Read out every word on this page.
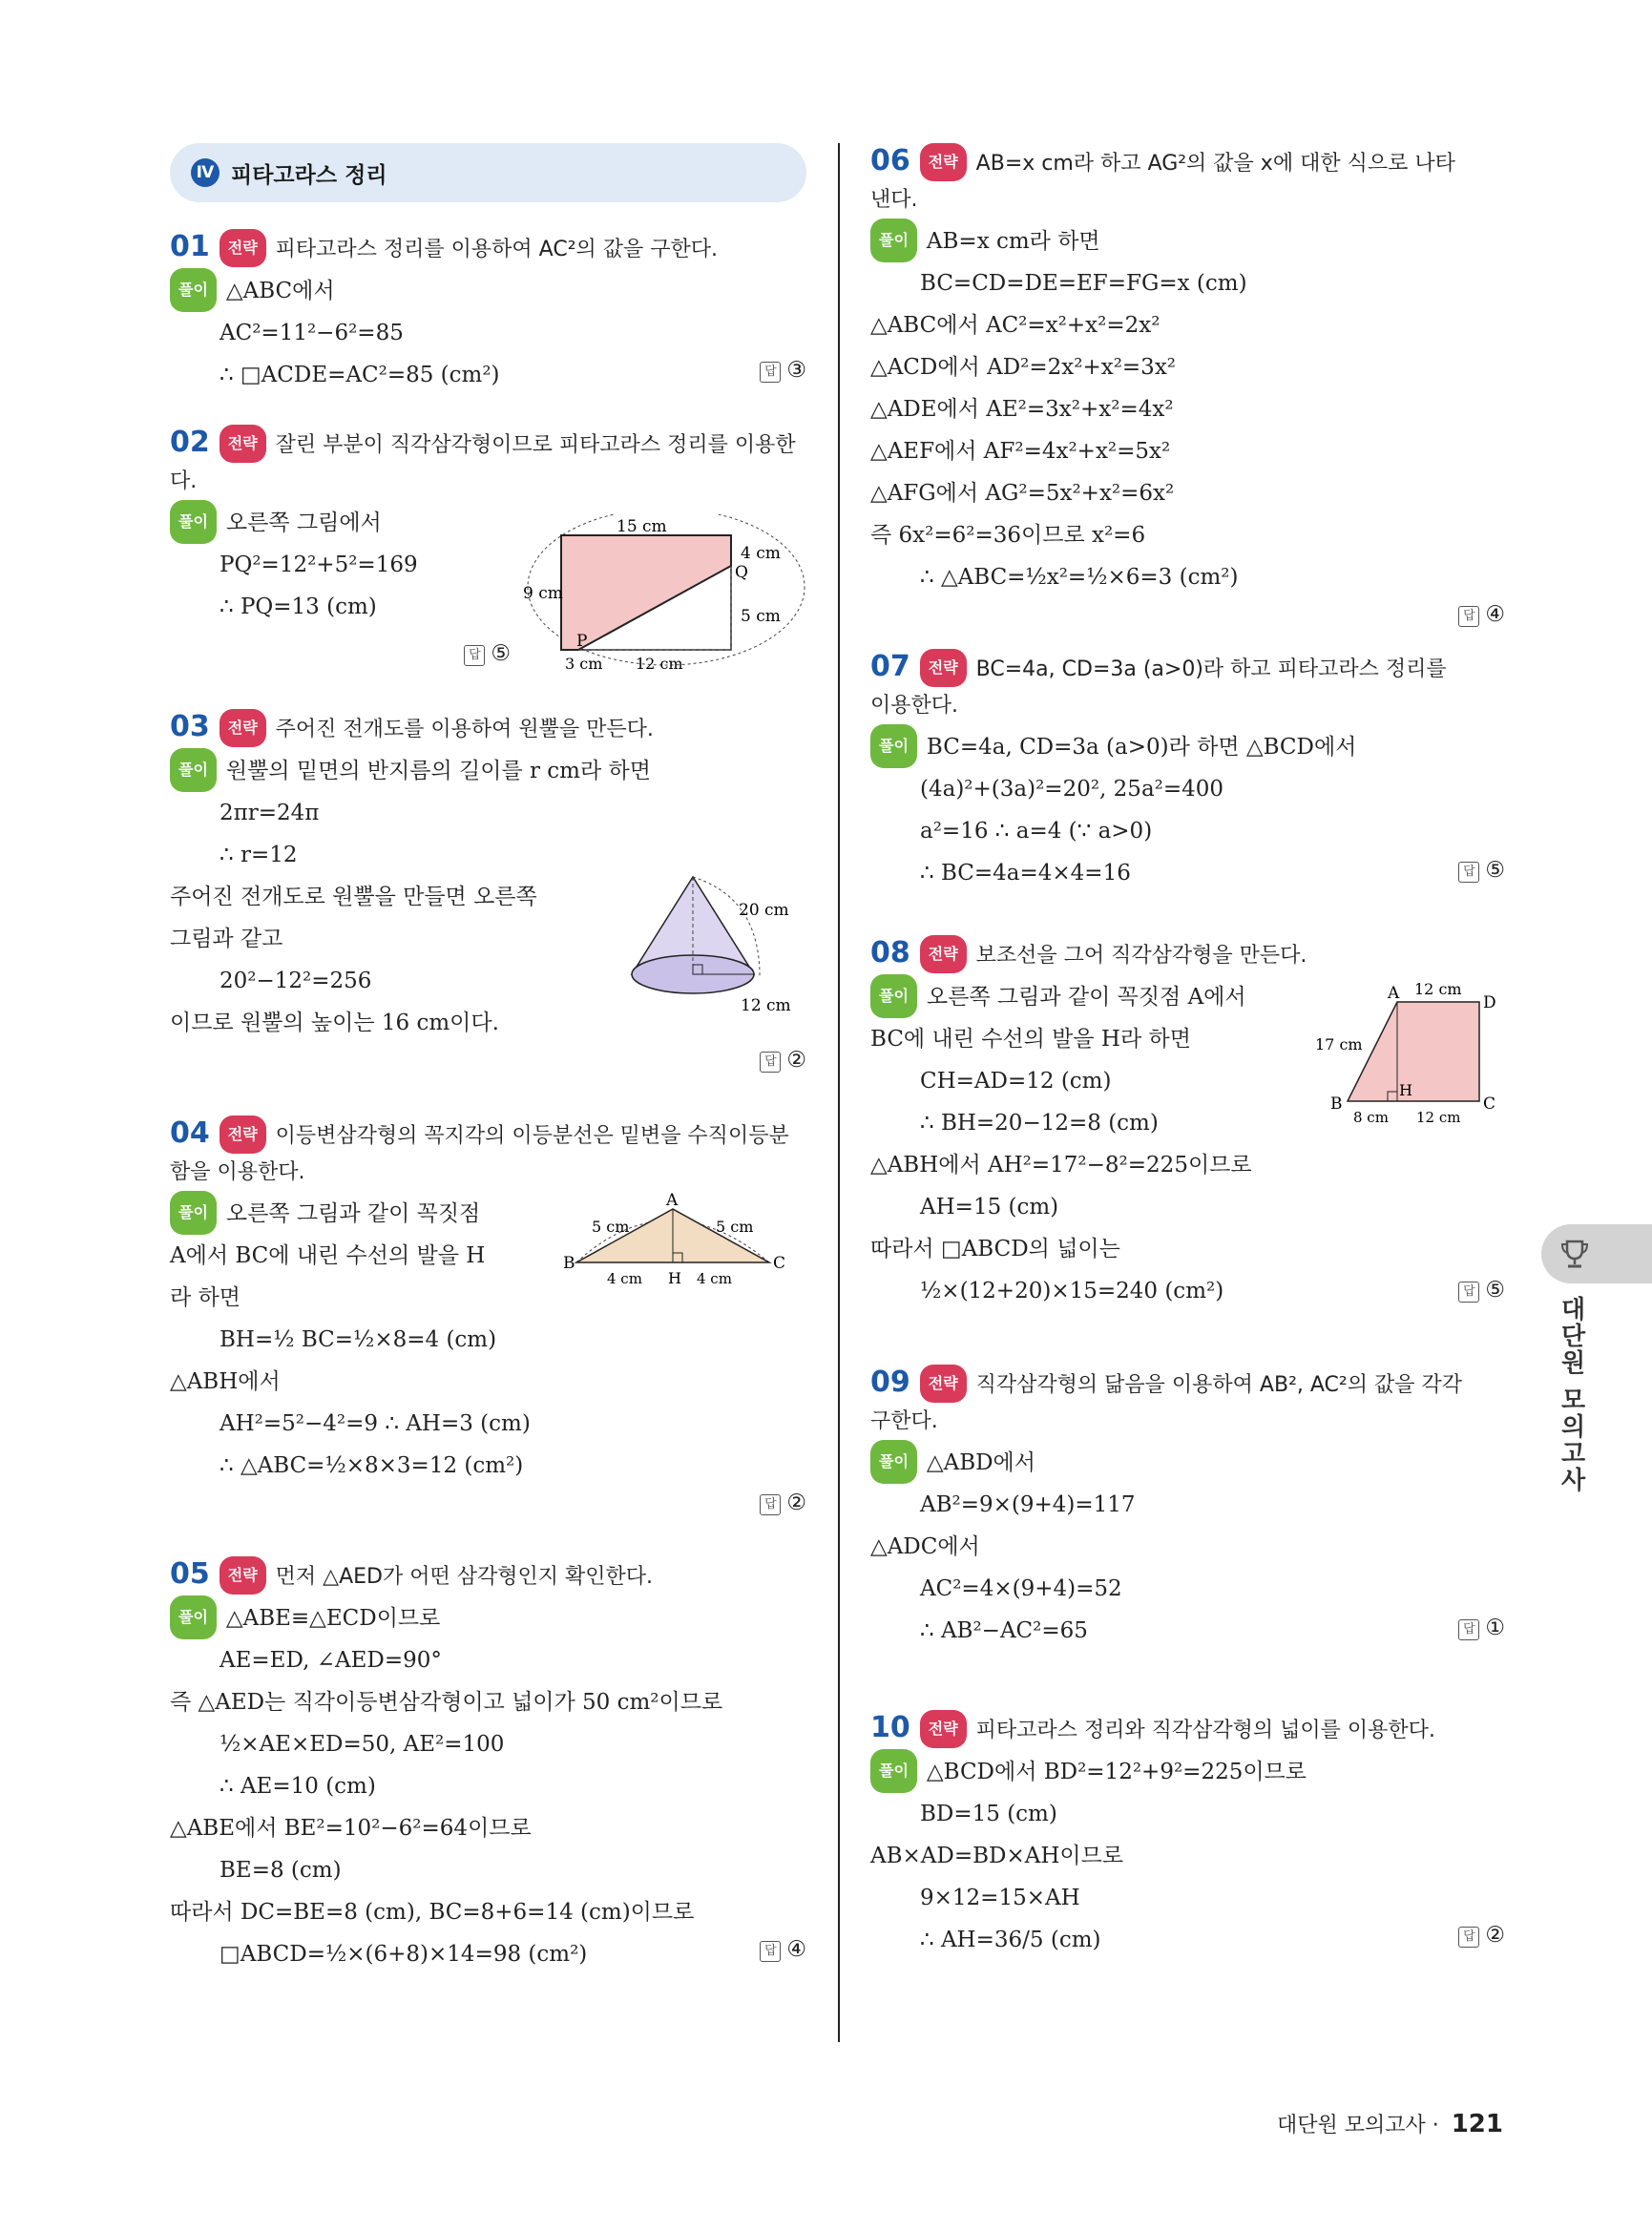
Ⅳ 피타고라스 정리
01 전략 피타고라스 정리를 이용하여 AC²의 값을 구한다.
풀이 △ABC에서
AC²=11²−6²=85
∴ □ACDE=AC²=85 (cm²)	답 ③
02 전략 잘린 부분이 직각삼각형이므로 피타고라스 정리를 이용한
다.
풀이 오른쪽 그림에서
PQ²=12²+5²=169
∴ PQ=13 (cm)
답 ⑤
15 cm
9 cm
4 cm
Q
5 cm
P
3 cm 12 cm
03 전략 주어진 전개도를 이용하여 원뿔을 만든다.
풀이 원뿔의 밑면의 반지름의 길이를 r cm라 하면
2πr=24π
∴ r=12
주어진 전개도로 원뿔을 만들면 오른쪽
그림과 같고
20²−12²=256
이므로 원뿔의 높이는 16 cm이다.
답 ②
20 cm
12 cm
04 전략 이등변삼각형의 꼭지각의 이등분선은 밑변을 수직이등분
함을 이용한다.
풀이 오른쪽 그림과 같이 꼭짓점
A에서 BC에 내린 수선의 발을 H
라 하면
BH=½ BC=½×8=4 (cm)
△ABH에서
AH²=5²−4²=9 ∴ AH=3 (cm)
∴ △ABC=½×8×3=12 (cm²)
답 ②
A
B	C
H
5 cm	5 cm
4 cm	4 cm
05 전략 먼저 △AED가 어떤 삼각형인지 확인한다.
풀이 △ABE≡△ECD이므로
AE=ED, ∠AED=90°
즉 △AED는 직각이등변삼각형이고 넓이가 50 cm²이므로
½×AE×ED=50, AE²=100
∴ AE=10 (cm)
△ABE에서 BE²=10²−6²=64이므로
BE=8 (cm)
따라서 DC=BE=8 (cm), BC=8+6=14 (cm)이므로
□ABCD=½×(6+8)×14=98 (cm²)	답 ④
06 전략 AB=x cm라 하고 AG²의 값을 x에 대한 식으로 나타
낸다.
풀이 AB=x cm라 하면
BC=CD=DE=EF=FG=x (cm)
△ABC에서 AC²=x²+x²=2x²
△ACD에서 AD²=2x²+x²=3x²
△ADE에서 AE²=3x²+x²=4x²
△AEF에서 AF²=4x²+x²=5x²
△AFG에서 AG²=5x²+x²=6x²
즉 6x²=6²=36이므로 x²=6
∴ △ABC=½x²=½×6=3 (cm²)
답 ④
07 전략 BC=4a, CD=3a (a>0)라 하고 피타고라스 정리를
이용한다.
풀이 BC=4a, CD=3a (a>0)라 하면 △BCD에서
(4a)²+(3a)²=20², 25a²=400
a²=16 ∴ a=4 (∵ a>0)
∴ BC=4a=4×4=16	답 ⑤
08 전략 보조선을 그어 직각삼각형을 만든다.
풀이 오른쪽 그림과 같이 꼭짓점 A에서
BC에 내린 수선의 발을 H라 하면
CH=AD=12 (cm)
∴ BH=20−12=8 (cm)
△ABH에서 AH²=17²−8²=225이므로
AH=15 (cm)
따라서 □ABCD의 넓이는
½×(12+20)×15=240 (cm²)	답 ⑤
A	D
B	C
H
12 cm
17 cm
8 cm 12 cm
09 전략 직각삼각형의 닮음을 이용하여 AB², AC²의 값을 각각
구한다.
풀이 △ABD에서
AB²=9×(9+4)=117
△ADC에서
AC²=4×(9+4)=52
∴ AB²−AC²=65	답 ①
10 전략 피타고라스 정리와 직각삼각형의 넓이를 이용한다.
풀이 △BCD에서 BD²=12²+9²=225이므로
BD=15 (cm)
AB×AD=BD×AH이므로
9×12=15×AH
∴ AH=36/5 (cm)	답 ②
대단원 모의고사
대단원 모의고사 · 121
